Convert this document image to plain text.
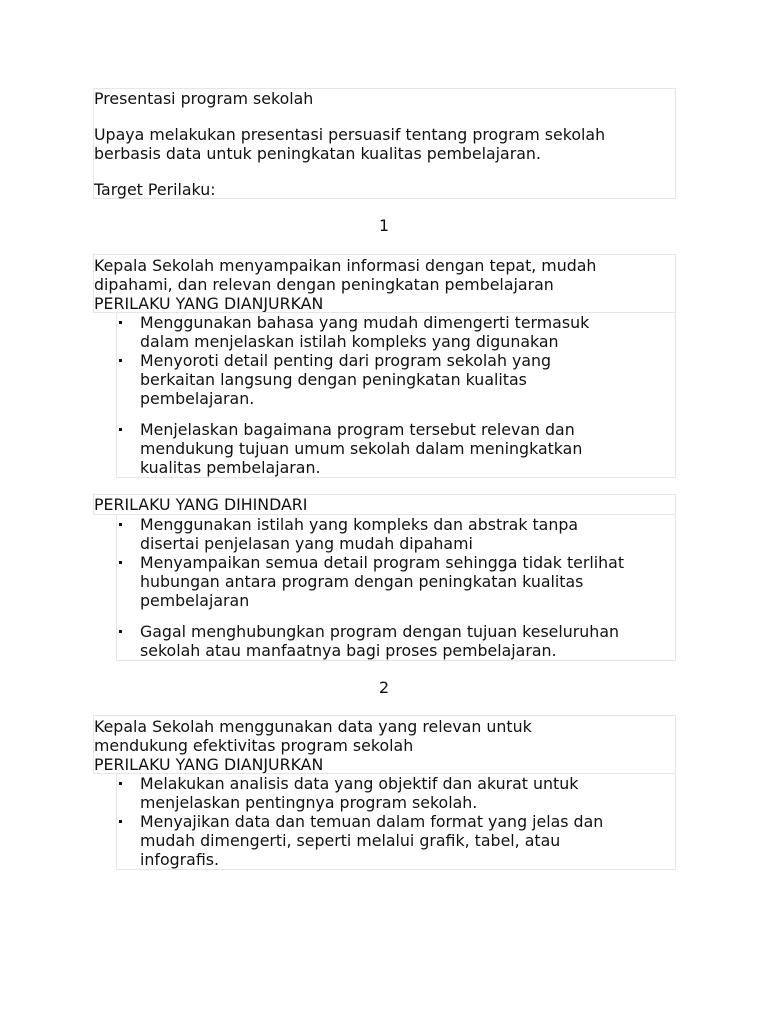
Presentasi program sekolah

Upaya melakukan presentasi persuasif tentang program sekolah

berbasis data untuk peningkatan kualitas pembelajaran.

Target Perilaku:

1

Kepala Sekolah menyampaikan informasi dengan tepat, mudah

dipahami, dan relevan dengan peningkatan pembelajaran

PERILAKU YANG DIANJURKAN

Menggunakan bahasa yang mudah dimengerti termasuk
dalam menjelaskan istilah kompleks yang digunakan
Menyoroti detail penting dari program sekolah yang
berkaitan langsung dengan peningkatan kualitas
pembelajaran.
Menjelaskan bagaimana program tersebut relevan dan
mendukung tujuan umum sekolah dalam meningkatkan
kualitas pembelajaran.

PERILAKU YANG DIHINDARI

Menggunakan istilah yang kompleks dan abstrak tanpa
disertai penjelasan yang mudah dipahami
Menyampaikan semua detail program sehingga tidak terlihat
hubungan antara program dengan peningkatan kualitas
pembelajaran
Gagal menghubungkan program dengan tujuan keseluruhan
sekolah atau manfaatnya bagi proses pembelajaran.
2

Kepala Sekolah menggunakan data yang relevan untuk

mendukung efektivitas program sekolah

PERILAKU YANG DIANJURKAN

Melakukan analisis data yang objektif dan akurat untuk
menjelaskan pentingnya program sekolah.
Menyajikan data dan temuan dalam format yang jelas dan
mudah dimengerti, seperti melalui grafik, tabel, atau
infografis.
